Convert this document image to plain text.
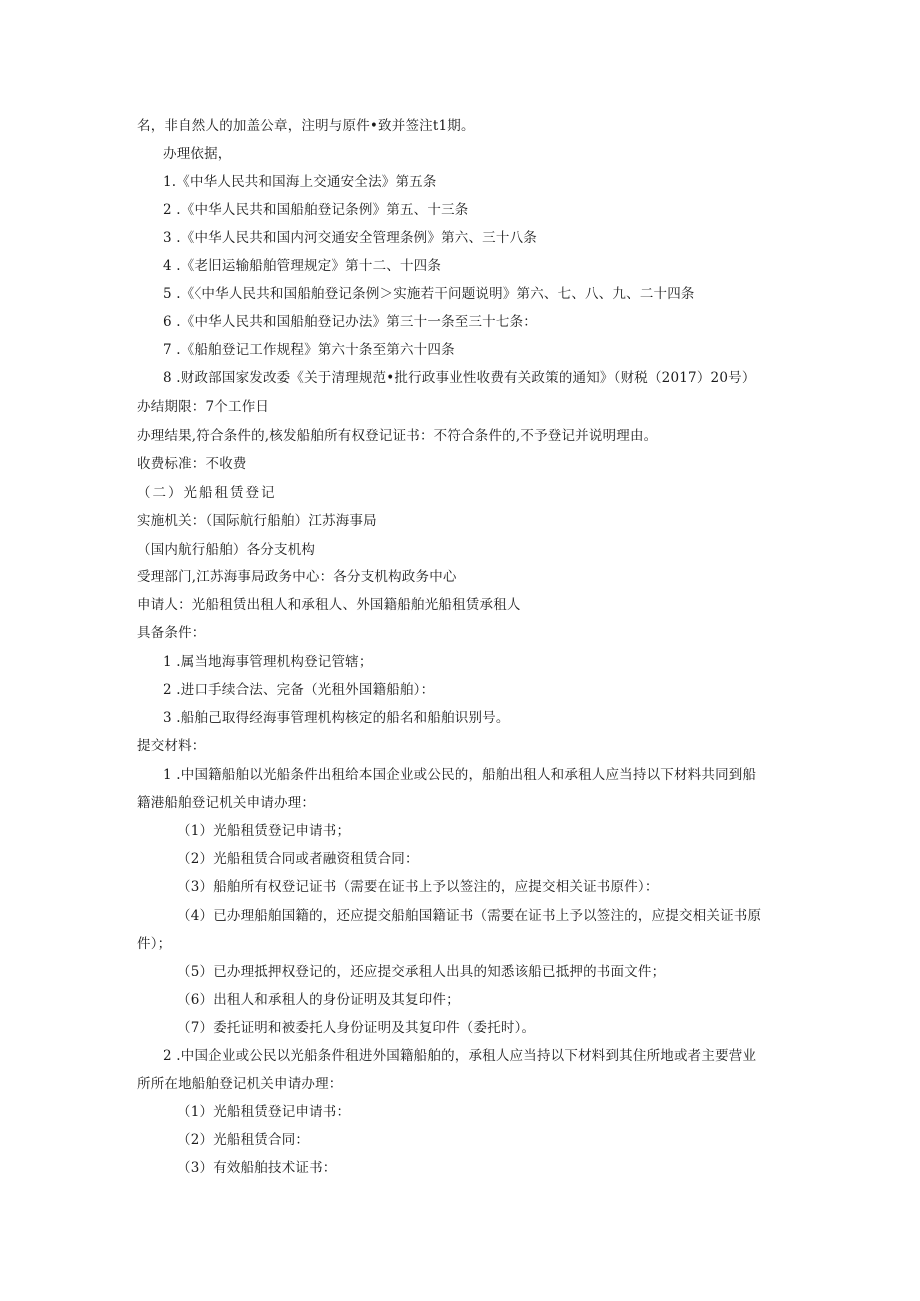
名，非自然人的加盖公章，注明与原件•致并签注t1期。
办理依据，
1.《中华人民共和国海上交通安全法》第五条
2 .《中华人民共和国船舶登记条例》第五、十三条
3 .《中华人民共和国内河交通安全管理条例》第六、三十八条
4 .《老旧运输船舶管理规定》第十二、十四条
5 .《〈中华人民共和国船舶登记条例＞实施若干问题说明》第六、七、八、九、二十四条
6 .《中华人民共和国船舶登记办法》第三十一条至三十七条：
7 .《船舶登记工作规程》第六十条至第六十四条
8 .财政部国家发改委《关于清理规范•批行政事业性收费有关政策的通知》（财税（2017）20号）
办结期限：7个工作日
办理结果,符合条件的,核发船舶所有权登记证书：不符合条件的,不予登记并说明理由。
收费标准：不收费
（二）光船租赁登记
实施机关：（国际航行船舶）江苏海事局
（国内航行船舶）各分支机构
受理部门,江苏海事局政务中心：各分支机构政务中心
申请人：光船租赁出租人和承租人、外国籍船舶光船租赁承租人
具备条件：
1 .属当地海事管理机构登记管辖；
2 .进口手续合法、完备（光租外国籍船舶）：
3 .船舶己取得经海事管理机构核定的船名和船舶识别号。
提交材料：
1 .中国籍船舶以光船条件出租给本国企业或公民的，船舶出租人和承租人应当持以下材料共同到船
籍港船舶登记机关申请办理：
（1）光船租赁登记申请书；
（2）光船租赁合同或者融资租赁合同：
（3）船舶所有权登记证书（需要在证书上予以签注的，应提交相关证书原件）：
（4）已办理船舶国籍的，还应提交船舶国籍证书（需要在证书上予以签注的，应提交相关证书原
件）；
（5）已办理抵押权登记的，还应提交承租人出具的知悉该船已抵押的书面文件；
（6）出租人和承租人的身份证明及其复印件；
（7）委托证明和被委托人身份证明及其复印件（委托时）。
2 .中国企业或公民以光船条件租进外国籍船舶的，承租人应当持以下材料到其住所地或者主要营业
所所在地船舶登记机关申请办理：
（1）光船租赁登记申请书：
（2）光船租赁合同：
（3）有效船舶技术证书：
